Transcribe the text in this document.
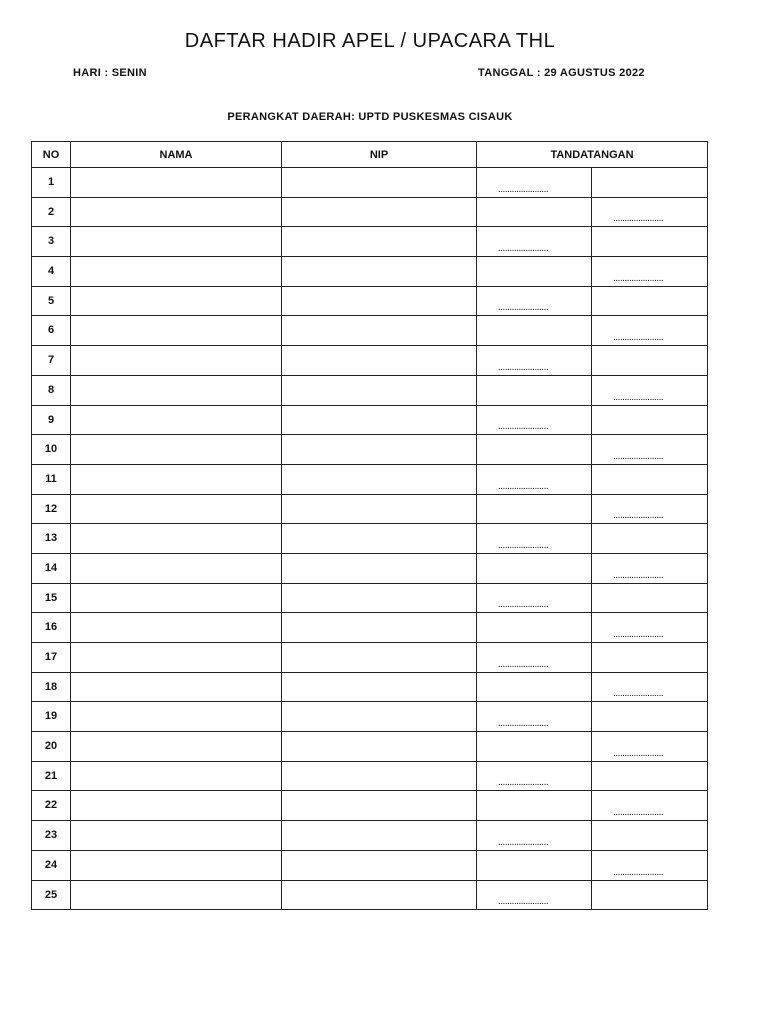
DAFTAR HADIR APEL / UPACARA THL
HARI : SENIN	TANGGAL : 29 AGUSTUS 2022
PERANGKAT DAERAH: UPTD PUSKESMAS CISAUK
NO	NAMA	NIP	TANDATANGAN	
1			......................	

2				......................

3			......................	

4				......................

5			......................	

6				......................

7			......................	

8				......................

9			......................	

10				......................

11			......................	

12				......................

13			......................	

14				......................

15			......................	

16				......................

17			......................	

18				......................

19			......................	

20				......................

21			......................	

22				......................

23			......................	

24				......................

25			......................	
